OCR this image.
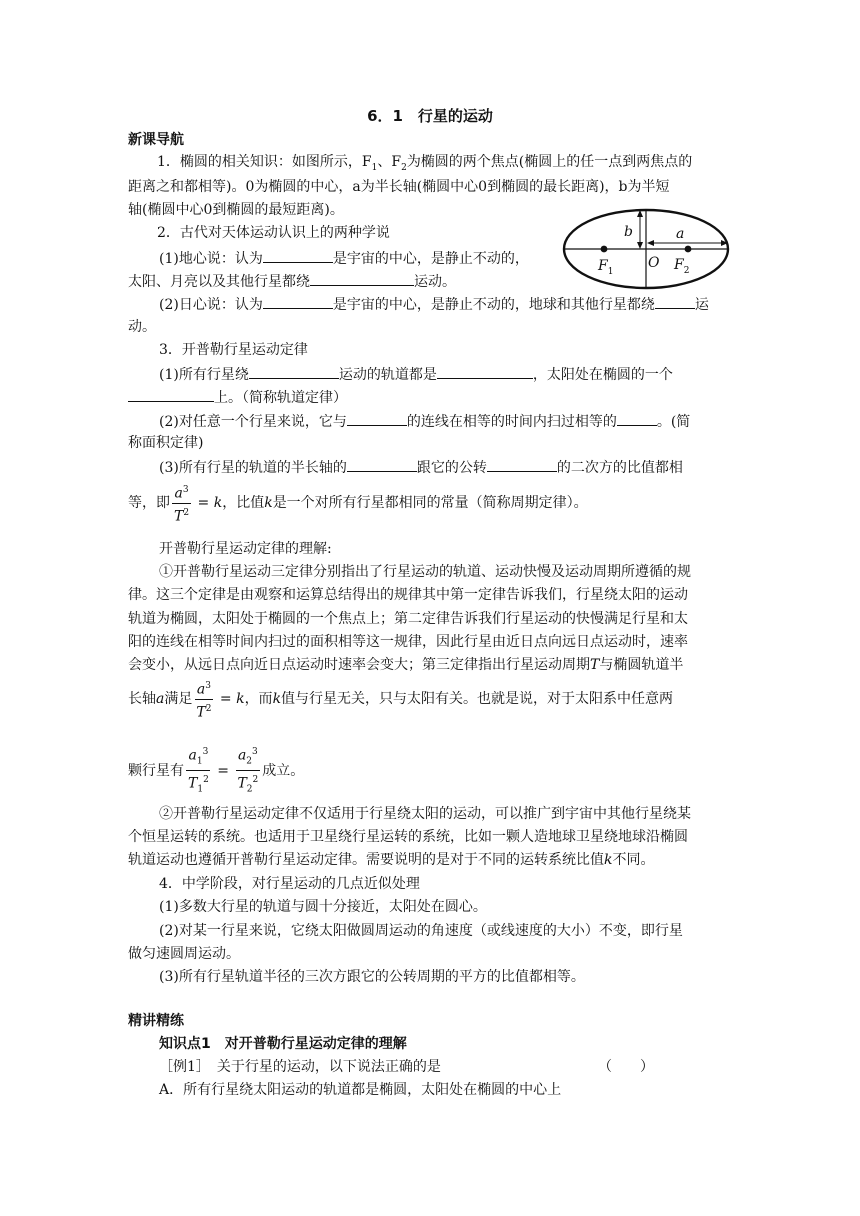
6．1　行星的运动
新课导航
1．椭圆的相关知识：如图所示，$F_1$、$F_2$为椭圆的两个焦点(椭圆上的任一点到两焦点的
距离之和都相等)。0为椭圆的中心，a为半长轴(椭圆中心0到椭圆的最长距离)，b为半短
轴(椭圆中心0到椭圆的最短距离)。
2．古代对天体运动认识上的两种学说	b	a
$F_1$
O $F_2$
(1)地心说：认为	是宇宙的中心，是静止不动的，
太阳、月亮以及其他行星都绕	运动。
(2)日心说：认为	是宇宙的中心，是静止不动的，地球和其他行星都绕	运
动。
3．开普勒行星运动定律
(1)所有行星绕	运动的轨道都是	，太阳处在椭圆的一个
上。（简称轨道定律）
(2)对任意一个行星来说，它与	的连线在相等的时间内扫过相等的	。(简
称面积定律)
(3)所有行星的轨道的半长轴的	跟它的公转	的二次方的比值都相
等，即 $\frac{a^3}{T^2} = k$，比值k是一个对所有行星都相同的常量（简称周期定律）。
开普勒行星运动定律的理解:
①开普勒行星运动三定律分别指出了行星运动的轨道、运动快慢及运动周期所遵循的规
律。这三个定律是由观察和运算总结得出的规律其中第一定律告诉我们，行星绕太阳的运动
轨道为椭圆，太阳处于椭圆的一个焦点上；第二定律告诉我们行星运动的快慢满足行星和太
阳的连线在相等时间内扫过的面积相等这一规律，因此行星由近日点向远日点运动时，速率
会变小，从远日点向近日点运动时速率会变大；第三定律指出行星运动周期T与椭圆轨道半
长轴a满足 $\frac{a^3}{T^2} = k$，而k值与行星无关，只与太阳有关。也就是说，对于太阳系中任意两
颗行星有 $\frac{a_1^3}{T_1^2} = \frac{a_2^3}{T_2^2}$ 成立。
②开普勒行星运动定律不仅适用于行星绕太阳的运动，可以推广到宇宙中其他行星绕某
个恒星运转的系统。也适用于卫星绕行星运转的系统，比如一颗人造地球卫星绕地球沿椭圆
轨道运动也遵循开普勒行星运动定律。需要说明的是对于不同的运转系统比值k不同。
4．中学阶段，对行星运动的几点近似处理
(1)多数大行星的轨道与圆十分接近，太阳处在圆心。
(2)对某一行星来说，它绕太阳做圆周运动的角速度（或线速度的大小）不变，即行星
做匀速圆周运动。
(3)所有行星轨道半径的三次方跟它的公转周期的平方的比值都相等。
精讲精练
知识点1　对开普勒行星运动定律的理解
［例1］　关于行星的运动，以下说法正确的是	（　　）
A．所有行星绕太阳运动的轨道都是椭圆，太阳处在椭圆的中心上
